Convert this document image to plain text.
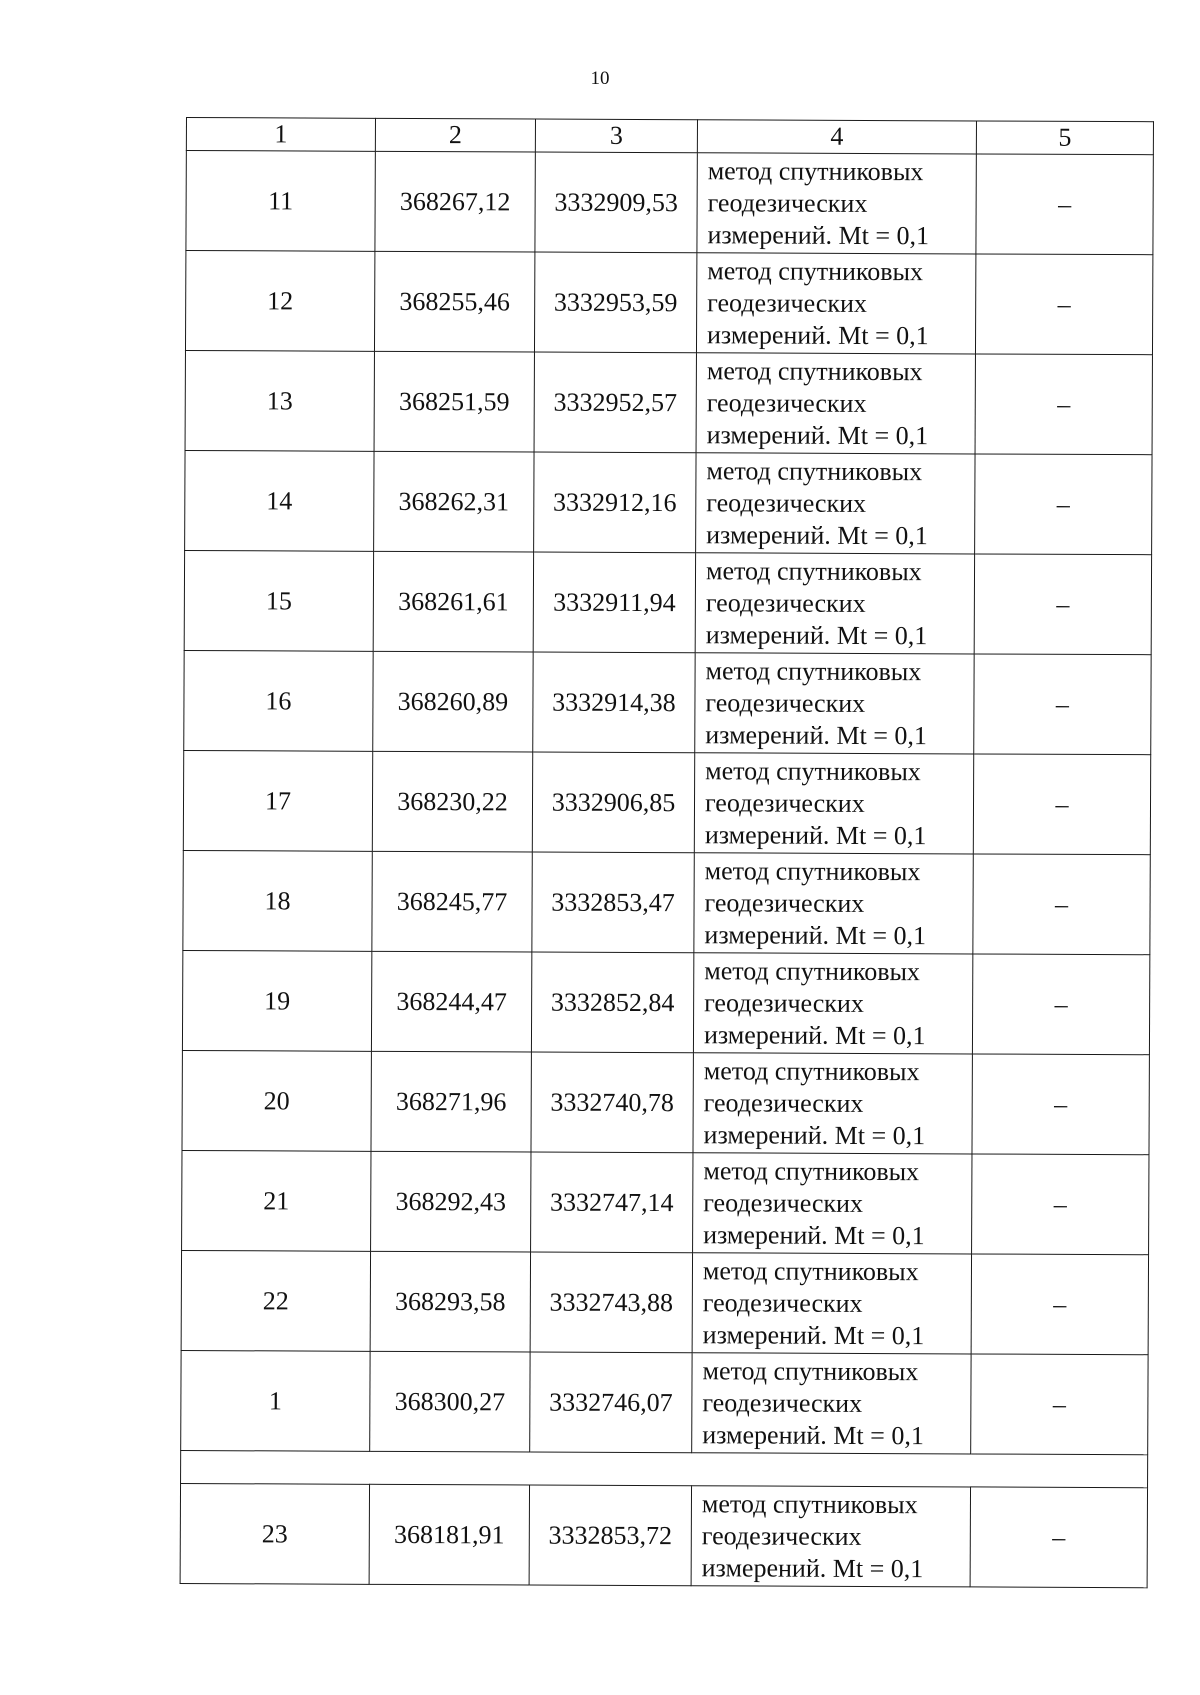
10
1	2	3	4	5
11	368267,12	3332909,53	метод спутниковых геодезических измерений. Mt = 0,1	–
12	368255,46	3332953,59	метод спутниковых геодезических измерений. Mt = 0,1	–
13	368251,59	3332952,57	метод спутниковых геодезических измерений. Mt = 0,1	–
14	368262,31	3332912,16	метод спутниковых геодезических измерений. Mt = 0,1	–
15	368261,61	3332911,94	метод спутниковых геодезических измерений. Mt = 0,1	–
16	368260,89	3332914,38	метод спутниковых геодезических измерений. Mt = 0,1	–
17	368230,22	3332906,85	метод спутниковых геодезических измерений. Mt = 0,1	–
18	368245,77	3332853,47	метод спутниковых геодезических измерений. Mt = 0,1	–
19	368244,47	3332852,84	метод спутниковых геодезических измерений. Mt = 0,1	–
20	368271,96	3332740,78	метод спутниковых геодезических измерений. Mt = 0,1	–
21	368292,43	3332747,14	метод спутниковых геодезических измерений. Mt = 0,1	–
22	368293,58	3332743,88	метод спутниковых геодезических измерений. Mt = 0,1	–
1	368300,27	3332746,07	метод спутниковых геодезических измерений. Mt = 0,1	–

23	368181,91	3332853,72	метод спутниковых геодезических измерений. Mt = 0,1	–
